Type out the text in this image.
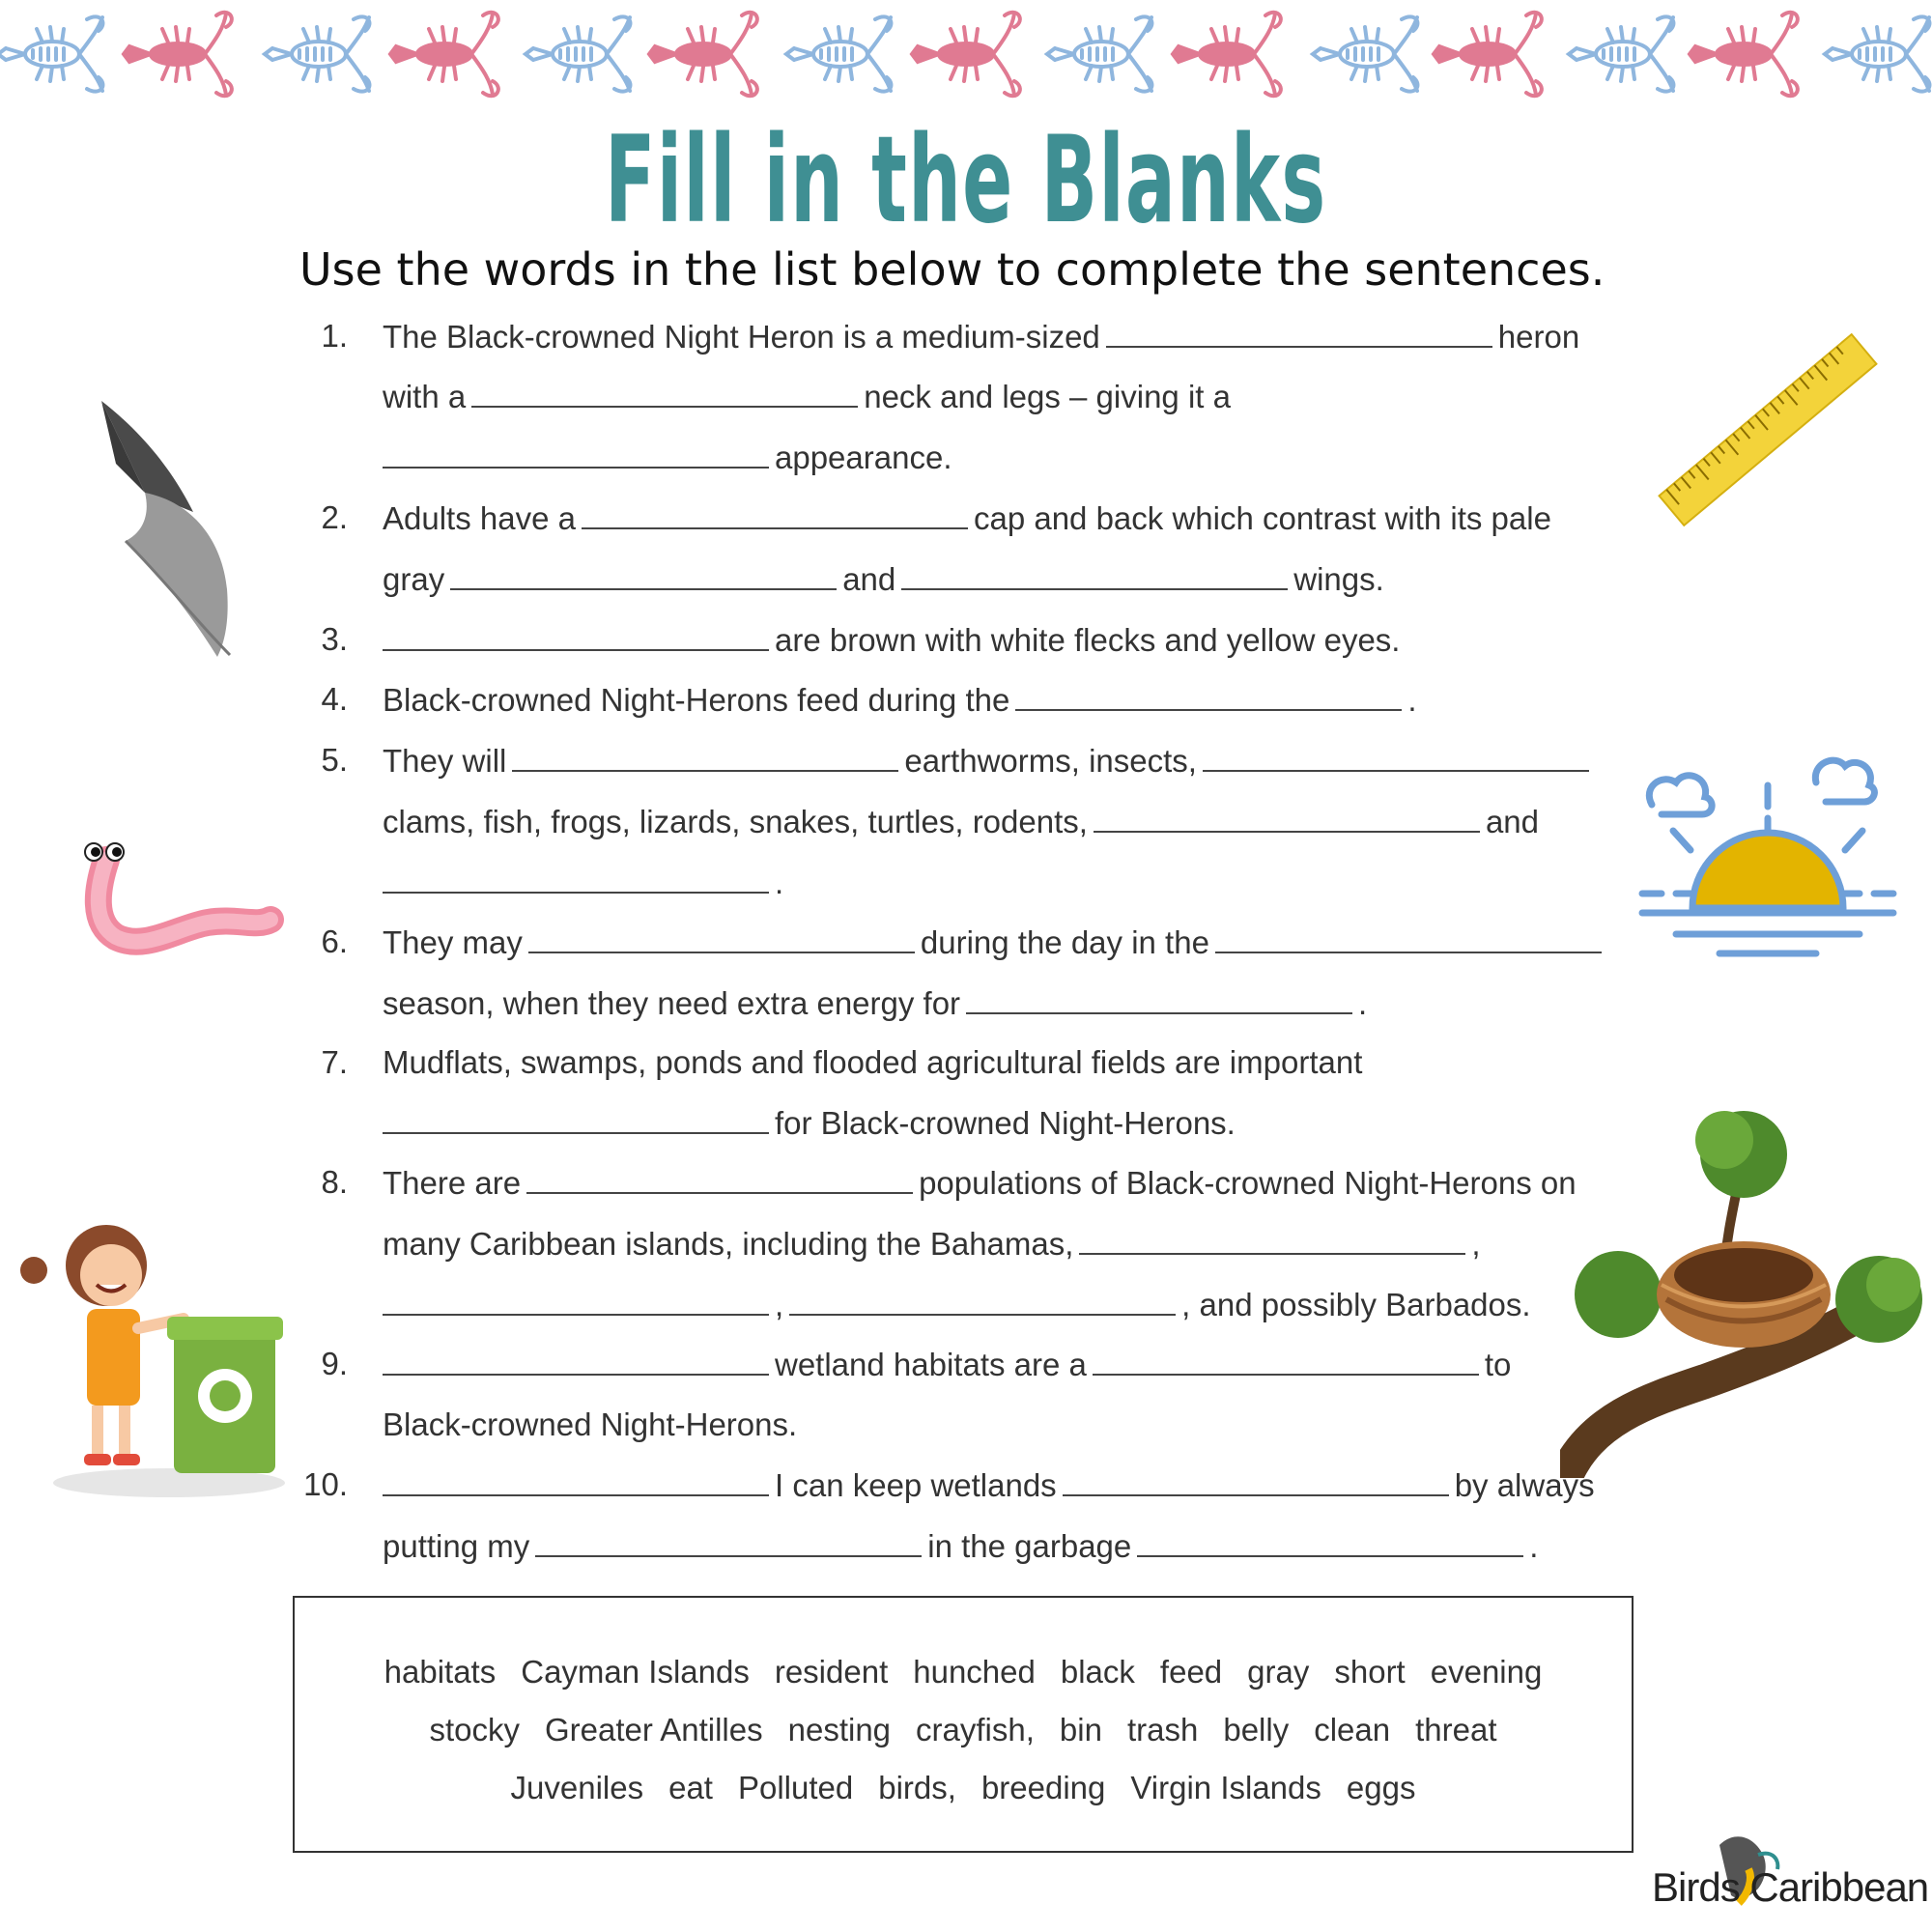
Fill in the Blanks
Use the words in the list below to complete the sentences.
1. The Black-crowned Night Heron is a medium-sized	heron
with a	neck and legs – giving it a
appearance.
2. Adults have a	cap and back which contrast with its pale
gray	and	wings.
3.	are brown with white flecks and yellow eyes.
4. Black-crowned Night-Herons feed during the	.
5. They will	earthworms, insects,
clams, fish, frogs, lizards, snakes, turtles, rodents,	and
.
6. They may	during the day in the
season, when they need extra energy for	.
7. Mudflats, swamps, ponds and flooded agricultural fields are important
for Black-crowned Night-Herons.
8. There are	populations of Black-crowned Night-Herons on
many Caribbean islands, including the Bahamas,	,
,	, and possibly Barbados.
9.	wetland habitats are a	to
Black-crowned Night-Herons.
10.	I can keep wetlands	by always
putting my	in the garbage	.
habitats Cayman Islands resident hunched black feed gray short evening
stocky Greater Antilles nesting crayfish, bin trash belly clean threat
Juveniles eat Polluted birds, breeding Virgin Islands eggs
Birds Caribbean
